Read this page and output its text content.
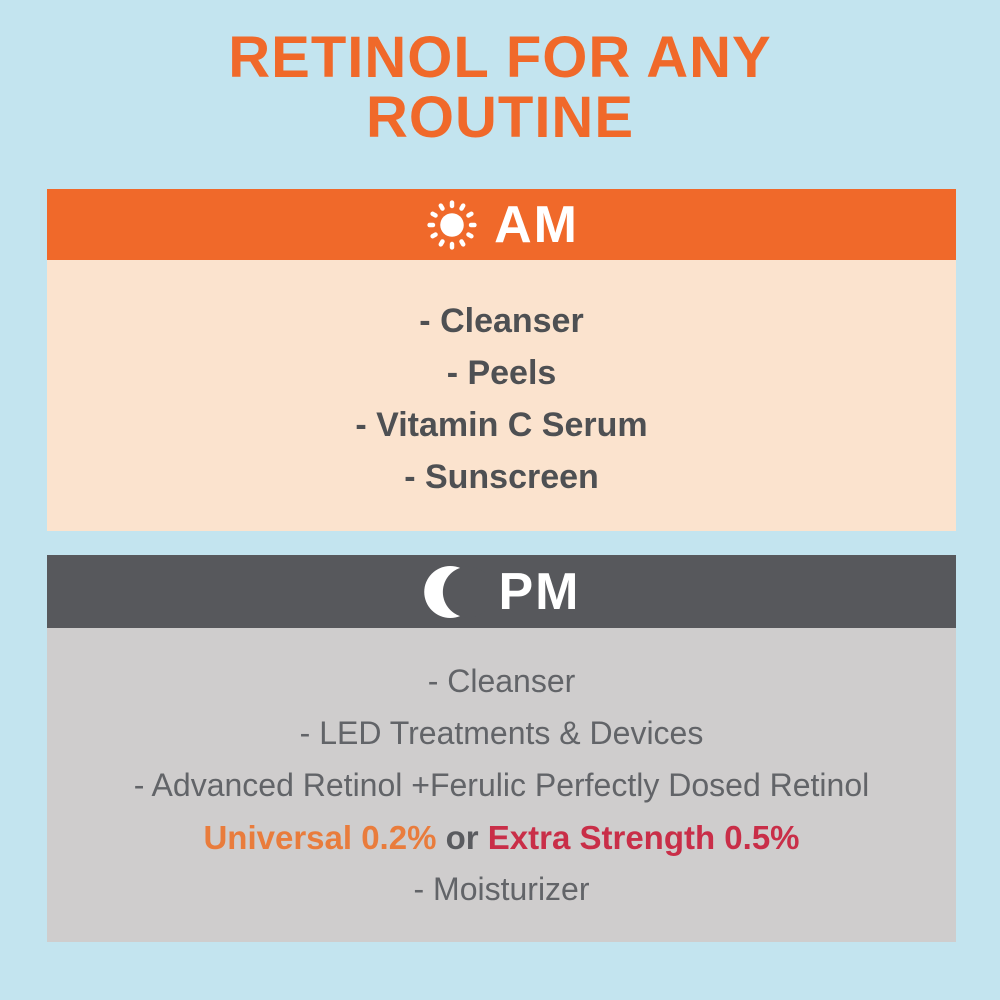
RETINOL FOR ANY
ROUTINE
AM
- Cleanser
- Peels
- Vitamin C Serum
- Sunscreen
PM
- Cleanser
- LED Treatments & Devices
- Advanced Retinol +Ferulic Perfectly Dosed Retinol
Universal 0.2% or Extra Strength 0.5%
- Moisturizer
